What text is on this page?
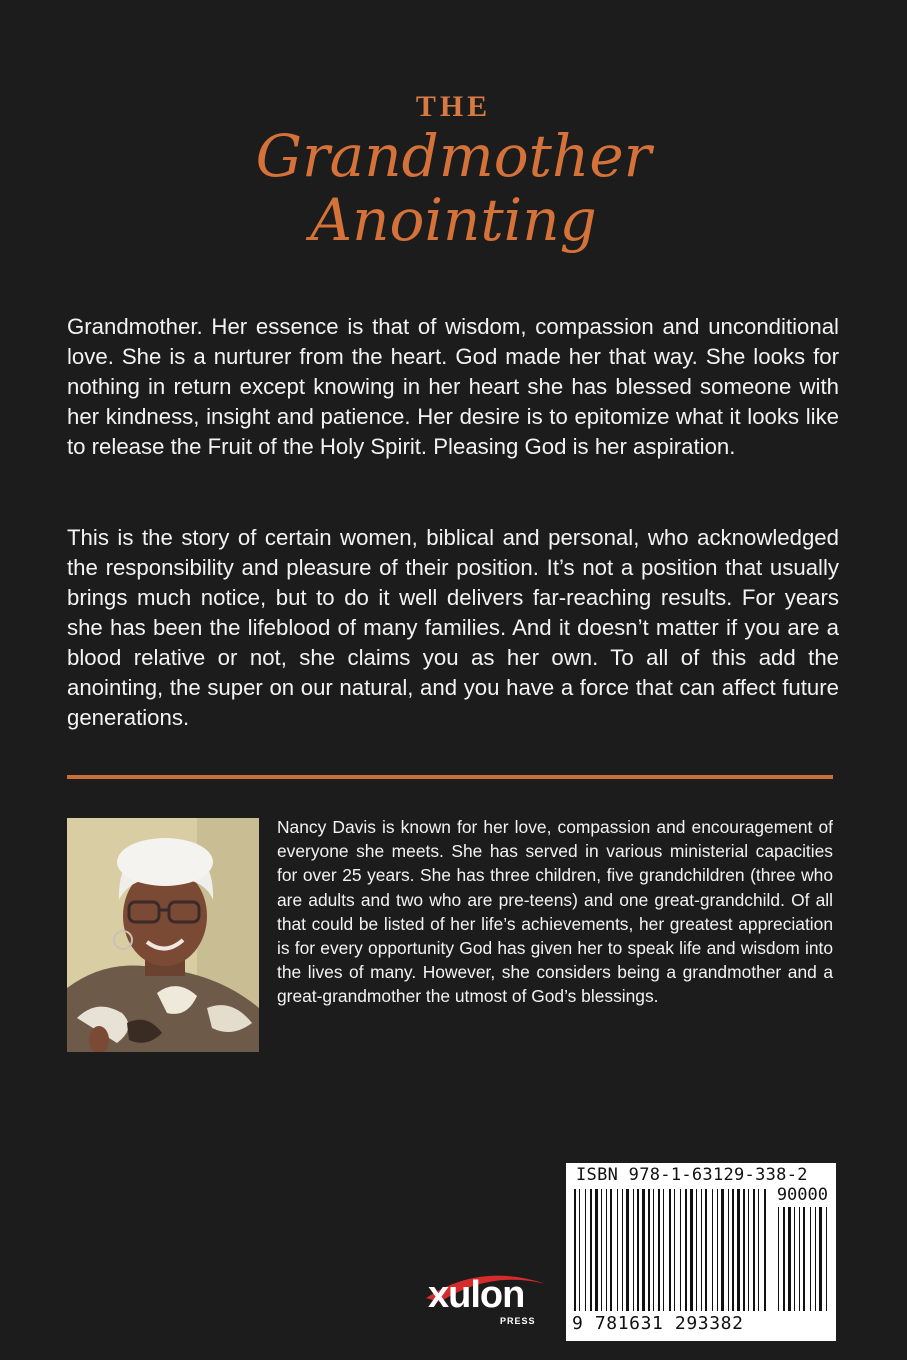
THE
Grandmother
Anointing

Grandmother. Her essence is that of wisdom, compassion and unconditional love. She is a nurturer from the heart. God made her that way. She looks for nothing in return except knowing in her heart she has blessed someone with her kindness, insight and patience. Her desire is to epitomize what it looks like to release the Fruit of the Holy Spirit. Pleasing God is her aspiration.

This is the story of certain women, biblical and personal, who acknowledged the responsibility and pleasure of their position. It’s not a position that usually brings much notice, but to do it well delivers far-reaching results. For years she has been the lifeblood of many families. And it doesn’t matter if you are a blood relative or not, she claims you as her own. To all of this add the anointing, the super on our natural, and you have a force that can affect future generations.

Nancy Davis is known for her love, compassion and encouragement of everyone she meets. She has served in various ministerial capacities for over 25 years. She has three children, five grandchildren (three who are adults and two who are pre-teens) and one great-grandchild. Of all that could be listed of her life’s achievements, her greatest appreciation is for every opportunity God has given her to speak life and wisdom into the lives of many. However, she considers being a grandmother and a great-grandmother the utmost of God’s blessings.

xulon
PRESS
ISBN 978-1-63129-338-2
90000
9 781631 293382
